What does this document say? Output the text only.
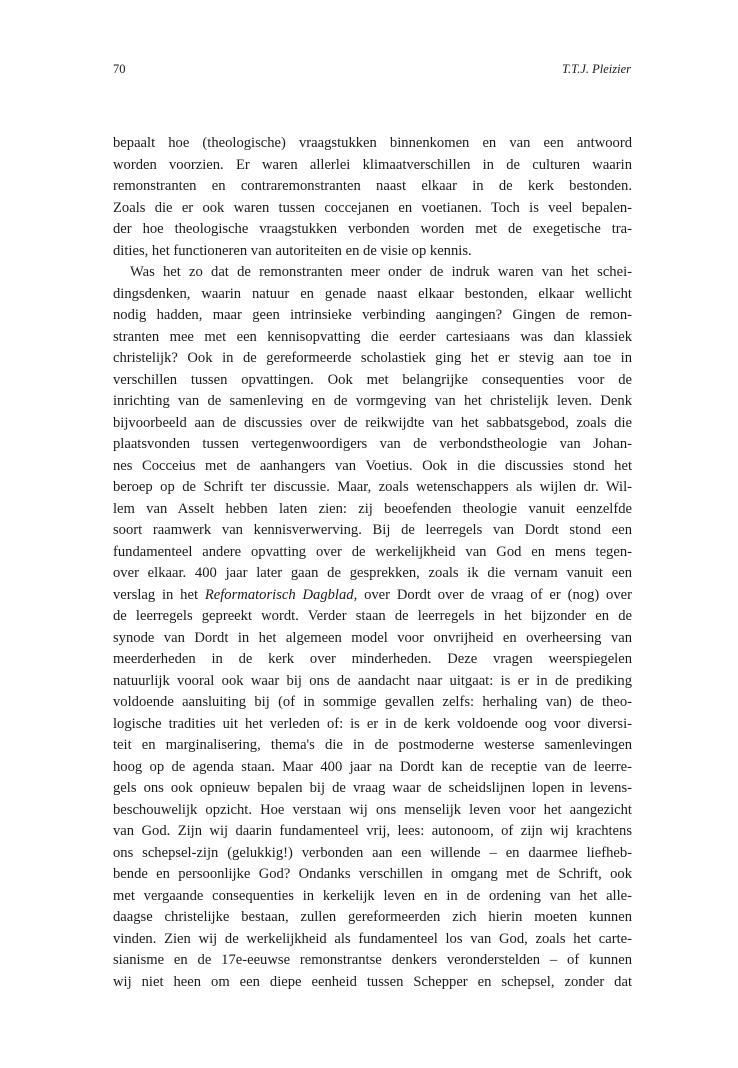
70	T.T.J. Pleizier
bepaalt hoe (theologische) vraagstukken binnenkomen en van een antwoord
worden voorzien. Er waren allerlei klimaatverschillen in de culturen waarin
remonstranten en contraremonstranten naast elkaar in de kerk bestonden.
Zoals die er ook waren tussen coccejanen en voetianen. Toch is veel bepalen-
der hoe theologische vraagstukken verbonden worden met de exegetische tra-
dities, het functioneren van autoriteiten en de visie op kennis.
Was het zo dat de remonstranten meer onder de indruk waren van het schei-
dingsdenken, waarin natuur en genade naast elkaar bestonden, elkaar wellicht
nodig hadden, maar geen intrinsieke verbinding aangingen? Gingen de remon-
stranten mee met een kennisopvatting die eerder cartesiaans was dan klassiek
christelijk? Ook in de gereformeerde scholastiek ging het er stevig aan toe in
verschillen tussen opvattingen. Ook met belangrijke consequenties voor de
inrichting van de samenleving en de vormgeving van het christelijk leven. Denk
bijvoorbeeld aan de discussies over de reikwijdte van het sabbatsgebod, zoals die
plaatsvonden tussen vertegenwoordigers van de verbondstheologie van Johan-
nes Cocceius met de aanhangers van Voetius. Ook in die discussies stond het
beroep op de Schrift ter discussie. Maar, zoals wetenschappers als wijlen dr. Wil-
lem van Asselt hebben laten zien: zij beoefenden theologie vanuit eenzelfde
soort raamwerk van kennisverwerving. Bij de leerregels van Dordt stond een
fundamenteel andere opvatting over de werkelijkheid van God en mens tegen-
over elkaar. 400 jaar later gaan de gesprekken, zoals ik die vernam vanuit een
verslag in het Reformatorisch Dagblad, over Dordt over de vraag of er (nog) over
de leerregels gepreekt wordt. Verder staan de leerregels in het bijzonder en de
synode van Dordt in het algemeen model voor onvrijheid en overheersing van
meerderheden in de kerk over minderheden. Deze vragen weerspiegelen
natuurlijk vooral ook waar bij ons de aandacht naar uitgaat: is er in de prediking
voldoende aansluiting bij (of in sommige gevallen zelfs: herhaling van) de theo-
logische tradities uit het verleden of: is er in de kerk voldoende oog voor diversi-
teit en marginalisering, thema's die in de postmoderne westerse samenlevingen
hoog op de agenda staan. Maar 400 jaar na Dordt kan de receptie van de leerre-
gels ons ook opnieuw bepalen bij de vraag waar de scheidslijnen lopen in levens-
beschouwelijk opzicht. Hoe verstaan wij ons menselijk leven voor het aangezicht
van God. Zijn wij daarin fundamenteel vrij, lees: autonoom, of zijn wij krachtens
ons schepsel-zijn (gelukkig!) verbonden aan een willende – en daarmee liefheb-
bende en persoonlijke God? Ondanks verschillen in omgang met de Schrift, ook
met vergaande consequenties in kerkelijk leven en in de ordening van het alle-
daagse christelijke bestaan, zullen gereformeerden zich hierin moeten kunnen
vinden. Zien wij de werkelijkheid als fundamenteel los van God, zoals het carte-
sianisme en de 17e-eeuwse remonstrantse denkers veronderstelden – of kunnen
wij niet heen om een diepe eenheid tussen Schepper en schepsel, zonder dat
